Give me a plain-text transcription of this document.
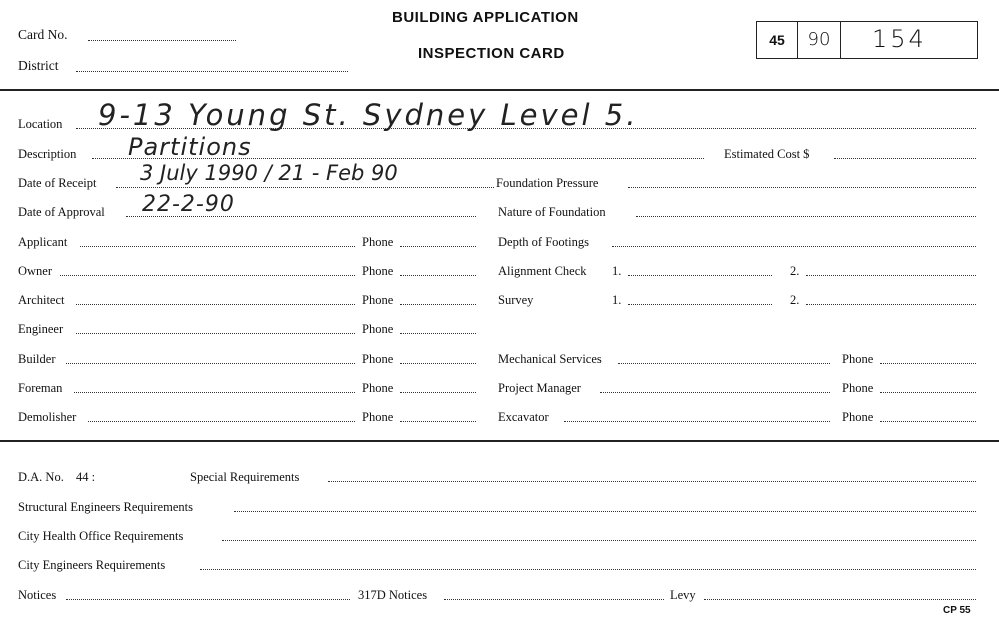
Card No.
District
BUILDING APPLICATION
INSPECTION CARD
45	90	154
Location 9-13 Young St. Sydney Level 5.
Description Partitions	Estimated Cost $
Date of Receipt 3 July 1990 / 21 - Feb 90	Foundation Pressure
Date of Approval 22-2-90	Nature of Foundation
Applicant	Phone
Owner	Phone
Architect	Phone
Engineer	Phone
Builder	Phone
Foreman	Phone
Demolisher	Phone
Depth of Footings
Alignment Check 1.	2.
Survey	1.	2.
Mechanical Services	Phone
Project Manager	Phone
Excavator	Phone
D.A. No. 44 :	Special Requirements
Structural Engineers Requirements
City Health Office Requirements
City Engineers Requirements
Notices	317D Notices	Levy
CP 55
